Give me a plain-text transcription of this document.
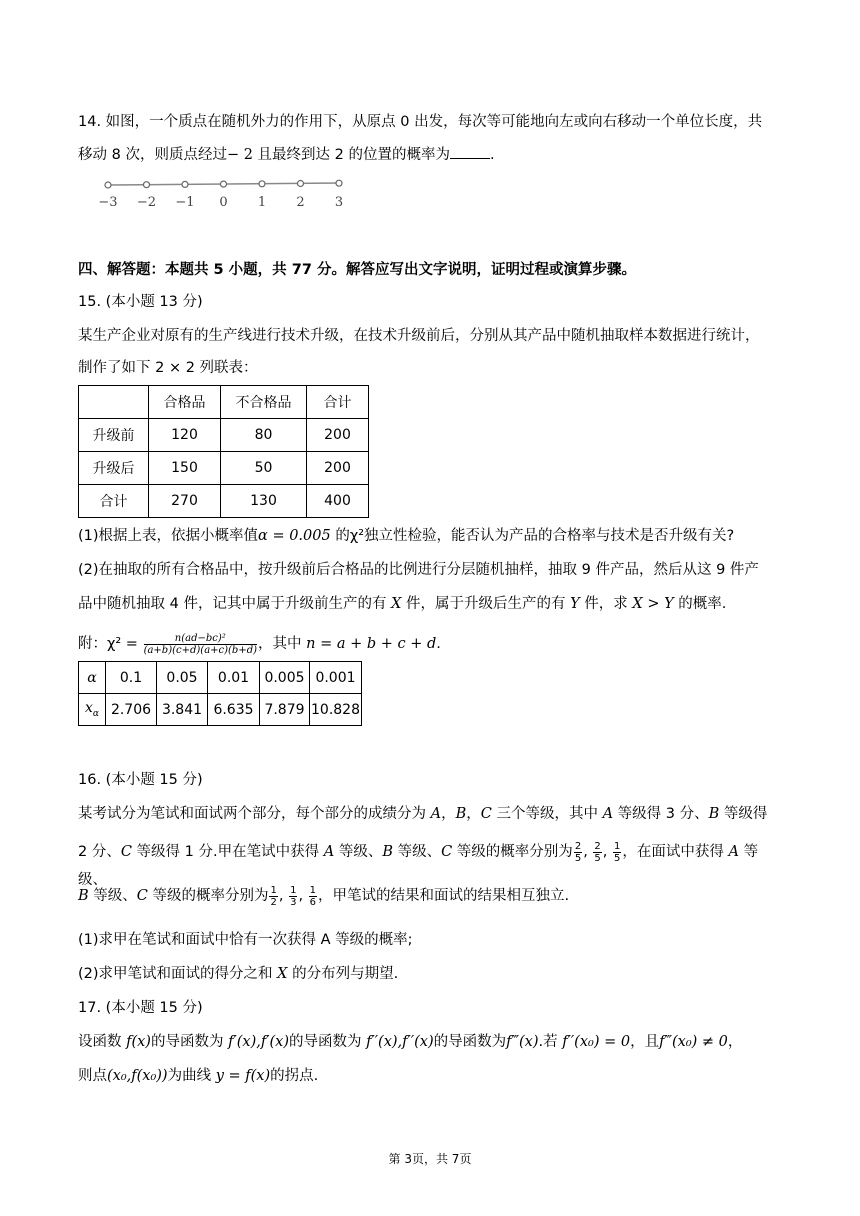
14. 如图，一个质点在随机外力的作用下，从原点 0 出发，每次等可能地向左或向右移动一个单位长度，共
移动 8 次，则质点经过− 2 且最终到达 2 的位置的概率为	.
−3 −2 −1 0 1 2 3
四、解答题：本题共 5 小题，共 77 分。解答应写出文字说明，证明过程或演算步骤。
15. (本小题 13 分)
某生产企业对原有的生产线进行技术升级，在技术升级前后，分别从其产品中随机抽取样本数据进行统计，
制作了如下 2 × 2 列联表：
	合格品	不合格品	合计
升级前	120	80	200
升级后	150	50	200
合计	270	130	400
(1)根据上表，依据小概率值α = 0.005 的χ²独立性检验，能否认为产品的合格率与技术是否升级有关?
(2)在抽取的所有合格品中，按升级前后合格品的比例进行分层随机抽样，抽取 9 件产品，然后从这 9 件产
品中随机抽取 4 件，记其中属于升级前生产的有 X 件，属于升级后生产的有 Y 件，求 X > Y 的概率.
附：$\chi^2 = \frac{\text{n(ad−bc)²}}{(a+b)(c+d)(a+c)(b+d)}$ ，其中 n = a + b + c + d.
α	0.1	0.05	0.01	0.005	0.001
$x_\alpha$	2.706	3.841	6.635	7.879	10.828
16. (本小题 15 分)
某考试分为笔试和面试两个部分，每个部分的成绩分为 A，B，C 三个等级，其中 A 等级得 3 分、B 等级得
2 分、C 等级得 1 分.甲在笔试中获得 A 等级、B 等级、C 等级的概率分别为 $\frac{2}{5}$ , $\frac{2}{5}$ , $\frac{1}{5}$ ，在面试中获得 A 等级、
B 等级、C 等级的概率分别为 $\frac{1}{2}$ , $\frac{1}{3}$ , $\frac{1}{6}$ ，甲笔试的结果和面试的结果相互独立.
(1)求甲在笔试和面试中恰有一次获得 A 等级的概率;
(2)求甲笔试和面试的得分之和 X 的分布列与期望.
17. (本小题 15 分)
设函数 f(x)的导函数为 f′(x),f′(x)的导函数为 f′′(x),f′′(x)的导函数为f‴(x).若 f′′(x₀) = 0，且f‴(x₀) ≠ 0，
则点(x₀,f(x₀))为曲线 y = f(x)的拐点.
第 3页，共 7页
